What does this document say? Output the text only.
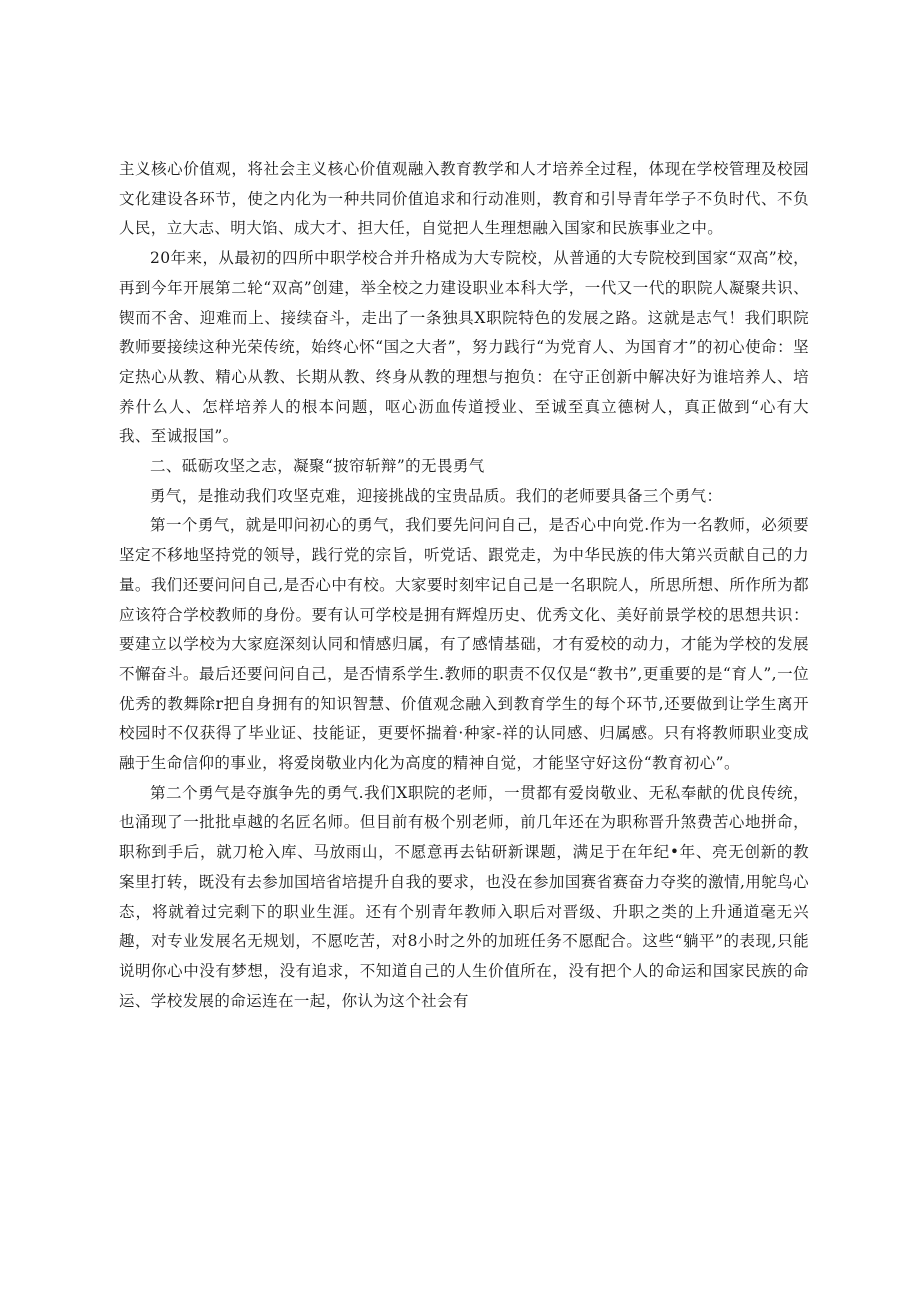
主义核心价值观，将社会主义核心价值观融入教育教学和人才培养全过程，体现在学校管理及校园文化建设各环节，使之内化为一种共同价值追求和行动准则，教育和引导青年学子不负时代、不负人民，立大志、明大馅、成大才、担大任，自觉把人生理想融入国家和民族事业之中。

20年来，从最初的四所中职学校合并升格成为大专院校，从普通的大专院校到国家“双高”校，再到今年开展第二轮“双高”创建，举全校之力建设职业本科大学，一代又一代的职院人凝聚共识、锲而不舍、迎难而上、接续奋斗，走出了一条独具X职院特色的发展之路。这就是志气！我们职院教师要接续这种光荣传统，始终心怀“国之大者”，努力践行“为党育人、为国育才”的初心使命：坚定热心从教、精心从教、长期从教、终身从教的理想与抱负：在守正创新中解决好为谁培养人、培养什么人、怎样培养人的根本问题，呕心沥血传道授业、至诚至真立德树人，真正做到“心有大我、至诚报国”。

二、砥砺攻坚之志，凝聚“披帘斩辩”的无畏勇气

勇气，是推动我们攻坚克难，迎接挑战的宝贵品质。我们的老师要具备三个勇气：

第一个勇气，就是叩问初心的勇气，我们要先问问自己，是否心中向党.作为一名教师，必须要坚定不移地坚持党的领导，践行党的宗旨，听党话、跟党走，为中华民族的伟大第兴贡献自己的力量。我们还要问问自己,是否心中有校。大家要时刻牢记自己是一名职院人，所思所想、所作所为都应该符合学校教师的身份。要有认可学校是拥有辉煌历史、优秀文化、美好前景学校的思想共识：要建立以学校为大家庭深刻认同和情感归属，有了感情基础，才有爱校的动力，才能为学校的发展不懈奋斗。最后还要问问自己，是否情系学生.教师的职责不仅仅是“教书”,更重要的是“育人”,一位优秀的教舞除r把自身拥有的知识智慧、价值观念融入到教育学生的每个环节,还要做到让学生离开校园时不仅获得了毕业证、技能证，更要怀揣着·种家-祥的认同感、归属感。只有将教师职业变成融于生命信仰的事业，将爱岗敬业内化为高度的精神自觉，才能坚守好这份“教育初心”。

第二个勇气是夺旗争先的勇气.我们X职院的老师，一贯都有爱岗敬业、无私奉献的优良传统，也涌现了一批批卓越的名匠名师。但目前有极个别老师，前几年还在为职称晋升煞费苦心地拼命，职称到手后，就刀枪入库、马放雨山，不愿意再去钻研新课题，满足于在年纪•年、亮无创新的教案里打转，既没有去参加国培省培提升自我的要求，也没在参加国赛省赛奋力夺奖的激情,用鸵鸟心态，将就着过完剩下的职业生涯。还有个别青年教师入职后对晋级、升职之类的上升通道毫无兴趣，对专业发展名无规划，不愿吃苦，对8小时之外的加班任务不愿配合。这些“躺平”的表现,只能说明你心中没有梦想，没有追求，不知道自己的人生价值所在，没有把个人的命运和国家民族的命运、学校发展的命运连在一起，你认为这个社会有
